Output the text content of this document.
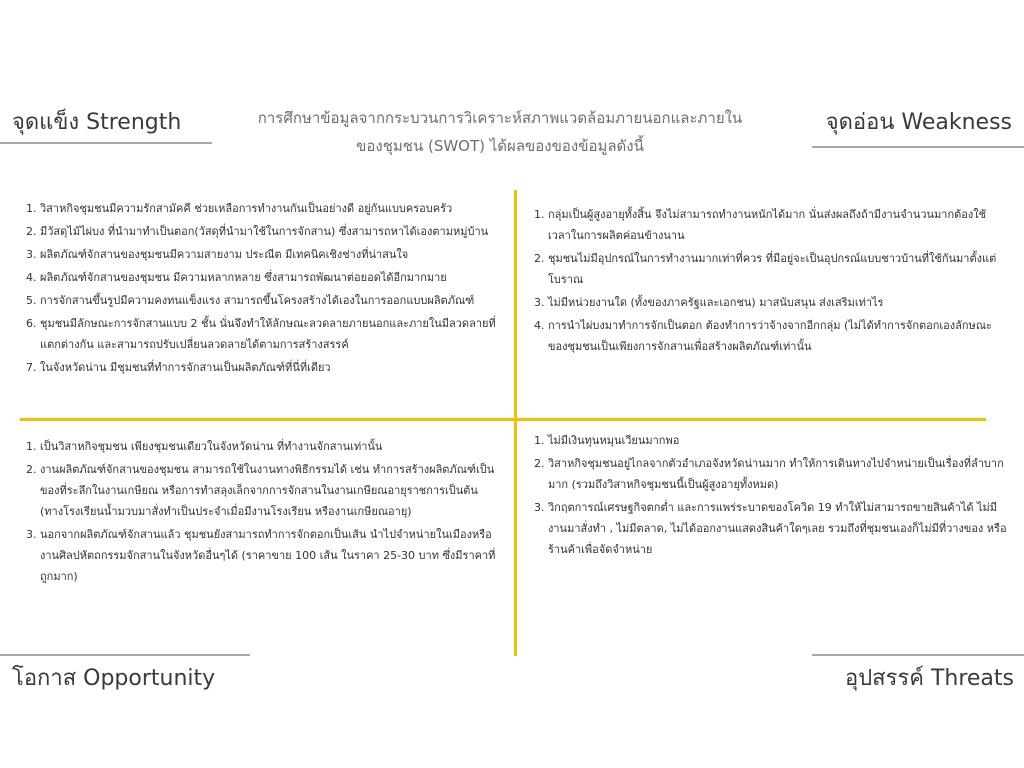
จุดแข็ง Strength	จุดอ่อน Weakness
โอกาส Opportunity	อุปสรรค์ Threats
การศึกษาข้อมูลจากกระบวนการวิเคราะห์สภาพแวดล้อมภายนอกและภายใน
ของชุมชน (SWOT) ได้ผลของของข้อมูลดังนี้
1. วิสาหกิจชุมชนมีความรักสามัคคี ช่วยเหลือการทำงานกันเป็นอย่างดี อยู่กันแบบครอบครัว
2. มีวัสดุไม้ไผ่บง ที่นำมาทำเป็นตอก(วัสดุที่นำมาใช้ในการจักสาน) ซึ่งสามารถหาได้เองตามหมู่บ้าน
3. ผลิตภัณฑ์จักสานของชุมชนมีความสายงาม ประณีต มีเทคนิคเชิงช่างที่น่าสนใจ
4. ผลิตภัณฑ์จักสานของชุมชน มีความหลากหลาย ซึ่งสามารถพัฒนาต่อยอดได้อีกมากมาย
5. การจักสานขึ้นรูปมีความคงทนแข็งแรง สามารถขึ้นโครงสร้างได้เองในการออกแบบผลิตภัณฑ์
6. ชุมชนมีลักษณะการจักสานแบบ 2 ชั้น นั่นจึงทำให้ลักษณะลวดลายภายนอกและภายในมีลวดลายที่แตกต่างกัน และสามารถปรับเปลี่ยนลวดลายได้ตามการสร้างสรรค์
7. ในจังหวัดน่าน มีชุมชนที่ทำการจักสานเป็นผลิตภัณฑ์ที่นี่ที่เดียว
1. กลุ่มเป็นผู้สูงอายุทั้งสิ้น จึงไม่สามารถทำงานหนักได้มาก นั่นส่งผลถึงถ้ามีงานจำนวนมากต้องใช้เวลาในการผลิตค่อนข้างนาน
2. ชุมชนไม่มีอุปกรณ์ในการทำงานมากเท่าที่ควร ที่มีอยู่จะเป็นอุปกรณ์แบบชาวบ้านที่ใช้กันมาตั้งแต่โบราณ
3. ไม่มีหน่วยงานใด (ทั้งของภาครัฐและเอกชน) มาสนับสนุน ส่งเสริมเท่าไร
4. การนำไผ่บงมาทำการจักเป็นตอก ต้องทำการว่าจ้างจากอีกกลุ่ม (ไม่ได้ทำการจักตอกเองลักษณะของชุมชนเป็นเพียงการจักสานเพื่อสร้างผลิตภัณฑ์เท่านั้น
1. เป็นวิสาหกิจชุมชน เพียงชุมชนเดียวในจังหวัดน่าน ที่ทำงานจักสานเท่านั้น
2. งานผลิตภัณฑ์จักสานของชุมชน สามารถใช้ในงานทางพิธีกรรมได้ เช่น ทำการสร้างผลิตภัณฑ์เป็นของที่ระลึกในงานเกษียณ หรือการทำสลุงเล็กจากการจักสานในงานเกษียณอายุราชการเป็นต้น (ทางโรงเรียนน้ำมวบมาสั่งทำเป็นประจำเมื่อมีงานโรงเรียน หรืองานเกษียณอายุ)
3. นอกจากผลิตภัณฑ์จักสานแล้ว ชุมชนยังสามารถทำการจักตอกเป็นเส้น นำไปจำหน่ายในเมืองหรืองานศิลปหัตถกรรมจักสานในจังหวัดอื่นๆได้ (ราคาขาย 100 เส้น ในราคา 25-30 บาท ซึ่งมีราคาที่ถูกมาก)
1. ไม่มีเงินทุนหมุนเวียนมากพอ
2. วิสาหกิจชุมชนอยู่ไกลจากตัวอำเภอจังหวัดน่านมาก ทำให้การเดินทางไปจำหน่ายเป็นเรื่องที่ลำบากมาก (รวมถึงวิสาหกิจชุมชนนี้เป็นผู้สูงอายุทั้งหมด)
3. วิกฤตการณ์เศรษฐกิจตกต่ำ และการแพร่ระบาดของโควิด 19 ทำให้ไม่สามารถขายสินค้าได้ ไม่มีงานมาสั่งทำ , ไม่มีตลาด, ไม่ได้ออกงานแสดงสินค้าใดๆเลย รวมถึงที่ชุมชนเองก็ไม่มีที่วางของ หรือร้านค้าเพื่อจัดจำหน่าย
